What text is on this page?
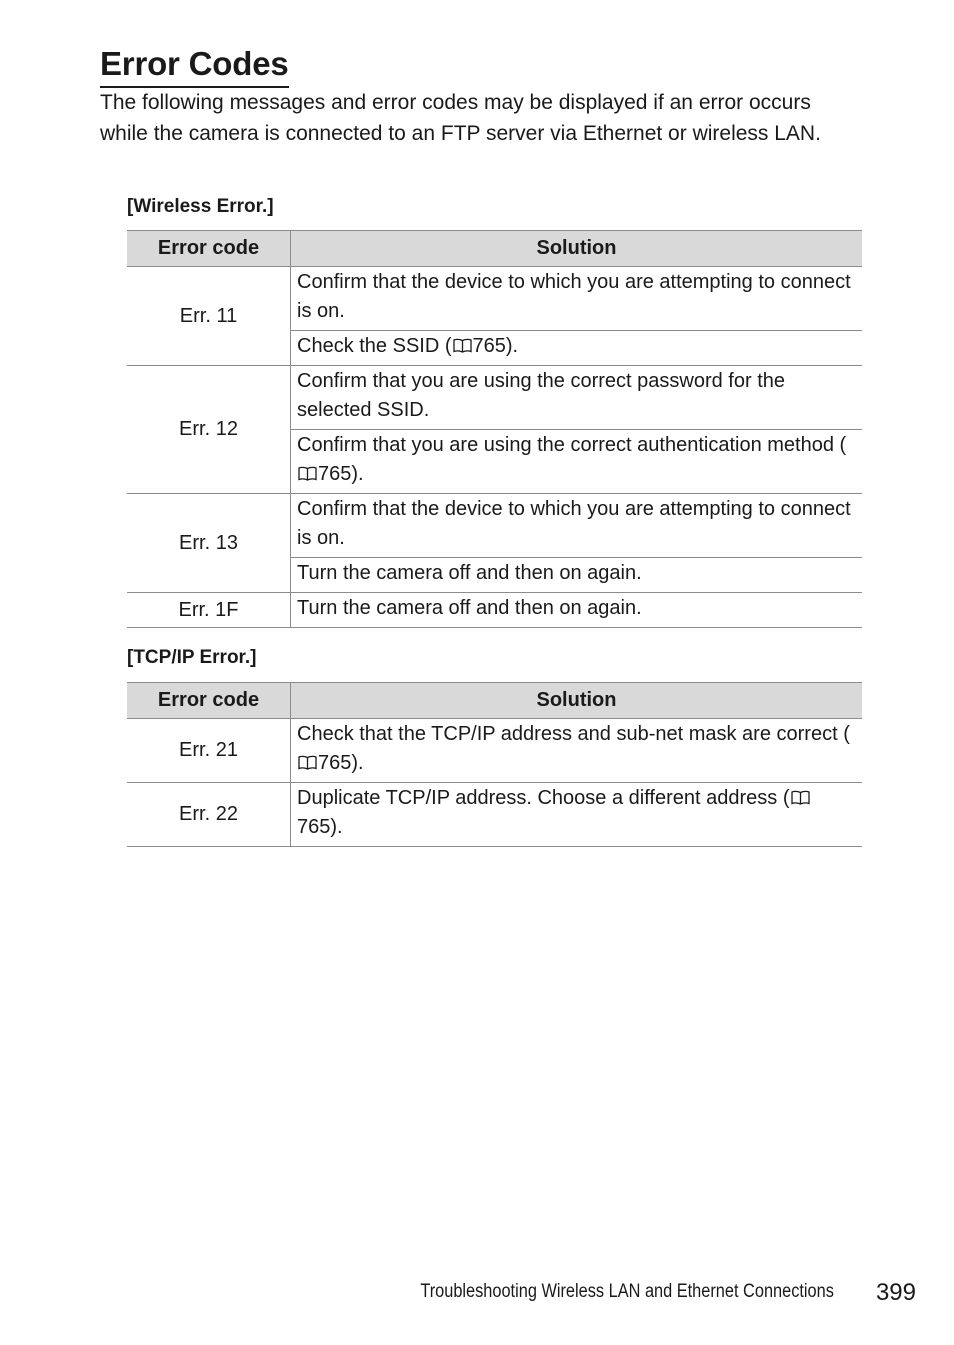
Error Codes

The following messages and error codes may be displayed if an error occurs while the camera is connected to an FTP server via Ethernet or wireless LAN.

[Wireless Error.]
Error code	Solution
Err. 11	Confirm that the device to which you are attempting to connect is on.
	Check the SSID ( 765).
Err. 12	Confirm that you are using the correct password for the selected SSID.
	Confirm that you are using the correct authentication method (765).
Err. 13	Confirm that the device to which you are attempting to connect is on.
	Turn the camera off and then on again.
Err. 1F	Turn the camera off and then on again.
[TCP/IP Error.]
Error code	Solution
Err. 21	Check that the TCP/IP address and sub-net mask are correct (765).
Err. 22	Duplicate TCP/IP address. Choose a different address (765).
Troubleshooting Wireless LAN and Ethernet Connections 399
